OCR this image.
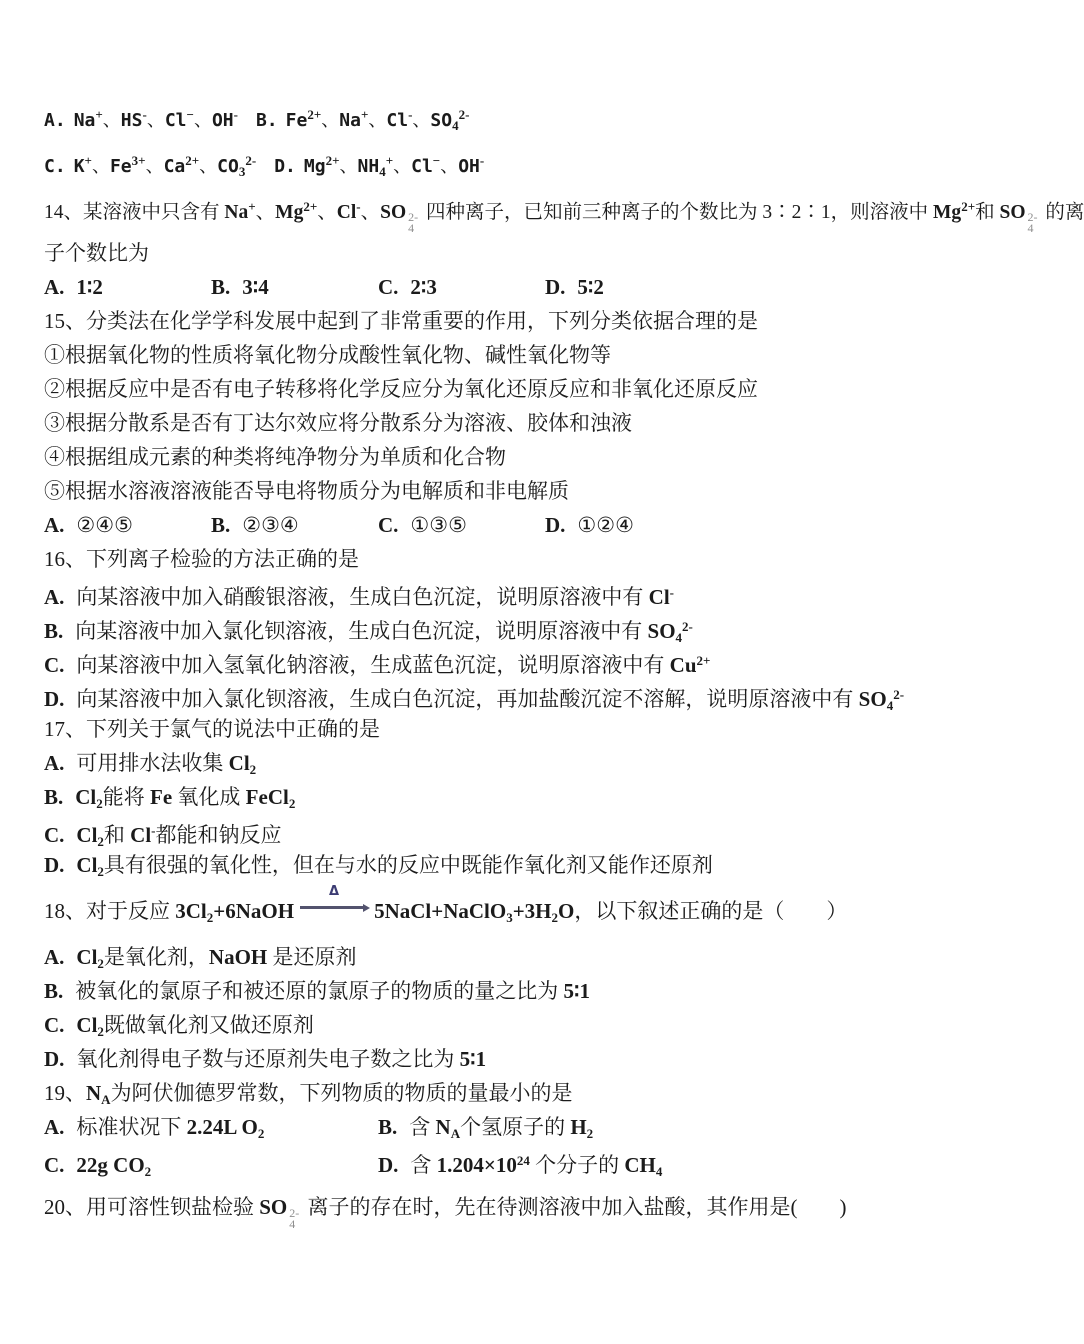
A. Na+、HS-、Cl−、OH-　 B. $Fe^{2+}$、Na+、Cl-、$SO_4^{2-}$
C. K+、$Fe^{3+}$、$Ca^{2+}$、$CO_3^{2-}$　 D. $Mg^{2+}$、$NH_4^+$、Cl−、OH-
14、某溶液中只含有 Na+、$Mg^{2+}$、Cl-、SO 2-
4
四种离子，已知前三种离子的个数比为 3∶2∶1，则溶液中 $Mg^{2+}$和 SO 2-
4
的离
子个数比为
A. 1∶2	B. 3∶4	C. 2∶3	D. 5∶2
15、分类法在化学学科发展中起到了非常重要的作用，下列分类依据合理的是
①根据氧化物的性质将氧化物分成酸性氧化物、碱性氧化物等
②根据反应中是否有电子转移将化学反应分为氧化还原反应和非氧化还原反应
③根据分散系是否有丁达尔效应将分散系分为溶液、胶体和浊液
④根据组成元素的种类将纯净物分为单质和化合物
⑤根据水溶液溶液能否导电将物质分为电解质和非电解质
A. ②④⑤	B. ②③④	C. ①③⑤	D. ①②④
16、下列离子检验的方法正确的是
A. 向某溶液中加入硝酸银溶液，生成白色沉淀，说明原溶液中有 Cl-
B. 向某溶液中加入氯化钡溶液，生成白色沉淀，说明原溶液中有 $SO_4^{2-}$
C. 向某溶液中加入氢氧化钠溶液，生成蓝色沉淀，说明原溶液中有 $Cu^{2+}$
D. 向某溶液中加入氯化钡溶液，生成白色沉淀，再加盐酸沉淀不溶解，说明原溶液中有 $SO_4^{2-}$
17、下列关于氯气的说法中正确的是
A. 可用排水法收集 $Cl_2$
B. $Cl_2$能将 Fe 氧化成 FeCl$_2$
C. $Cl_2$和 Cl-都能和钠反应
D. $Cl_2$具有很强的氧化性，但在与水的反应中既能作氧化剂又能作还原剂
18、对于反应 $3Cl_2+6NaOH$
Δ
$5NaCl+NaClO_3+3H_2O$，以下叙述正确的是（　　）
A. $Cl_2$是氧化剂，NaOH 是还原剂
B. 被氧化的氯原子和被还原的氯原子的物质的量之比为 5∶1
C. $Cl_2$既做氧化剂又做还原剂
D. 氧化剂得电子数与还原剂失电子数之比为 5∶1
19、$N_A$为阿伏伽德罗常数，下列物质的物质的量最小的是
A. 标准状况下 2.24L $O_2$	B. 含 $N_A$个氢原子的 $H_2$
C. 22g $CO_2$	D. 含 $1.204\times 10^{24}$ 个分子的 $CH_4$
20、用可溶性钡盐检验 SO 2-
4
离子的存在时，先在待测溶液中加入盐酸，其作用是(　　)
